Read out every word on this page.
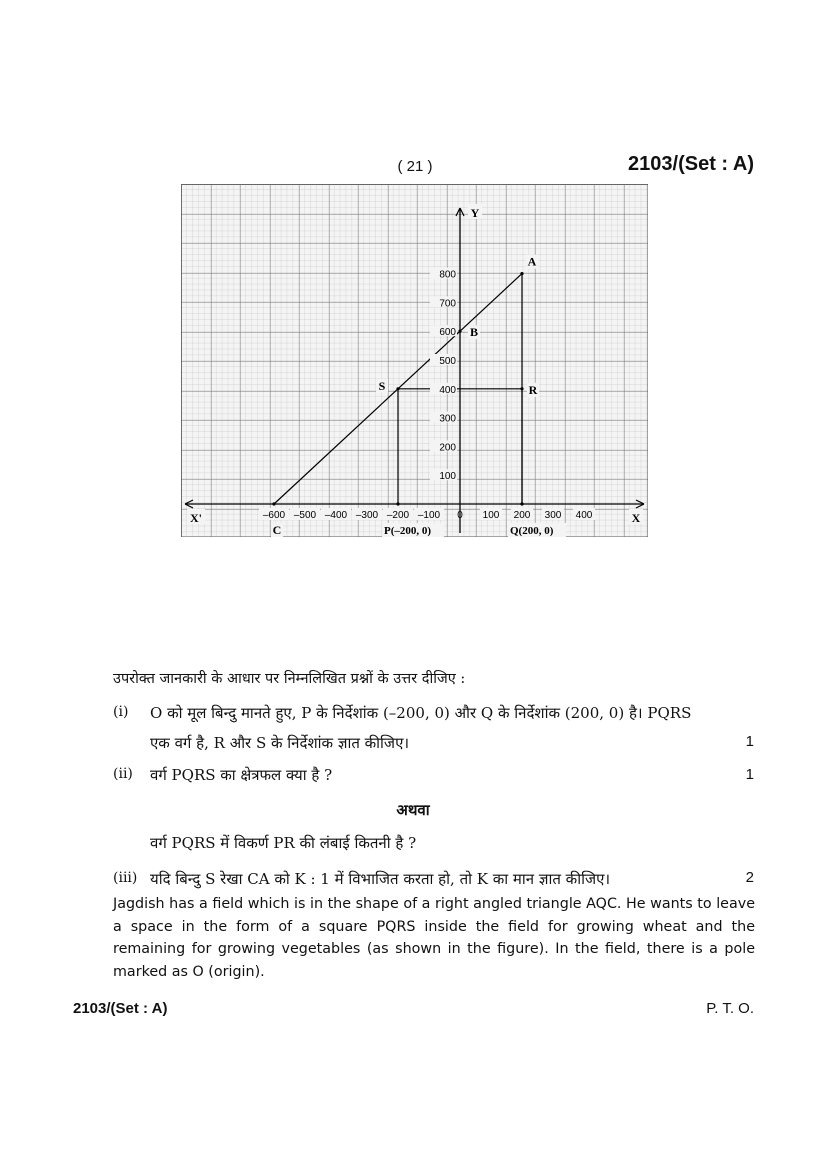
( 21 )	2103/(Set : A)
800
700
600
500
400
300
200
100
–600 –500 –400 –300 –200 –100	100 200 300 400
0
A
B
S	R
C	P(–200, 0)	Q(200, 0)
Y
X
X'
उपरोक्त जानकारी के आधार पर निम्नलिखित प्रश्नों के उत्तर दीजिए :
(i) O को मूल बिन्दु मानते हुए, P के निर्देशांक (–200, 0) और Q के निर्देशांक (200, 0) है। PQRS
एक वर्ग है, R और S के निर्देशांक ज्ञात कीजिए।	1
(ii) वर्ग PQRS का क्षेत्रफल क्या है ?	1
अथवा
वर्ग PQRS में विकर्ण PR की लंबाई कितनी है ?
(iii) यदि बिन्दु S रेखा CA को K : 1 में विभाजित करता हो, तो K का मान ज्ञात कीजिए।	2
Jagdish has a field which is in the shape of a right angled triangle AQC. He wants to leave a space in the form of a square PQRS inside the field for growing wheat and the remaining for growing vegetables (as shown in the figure). In the field, there is a pole marked as O (origin).
2103/(Set : A)	P. T. O.
